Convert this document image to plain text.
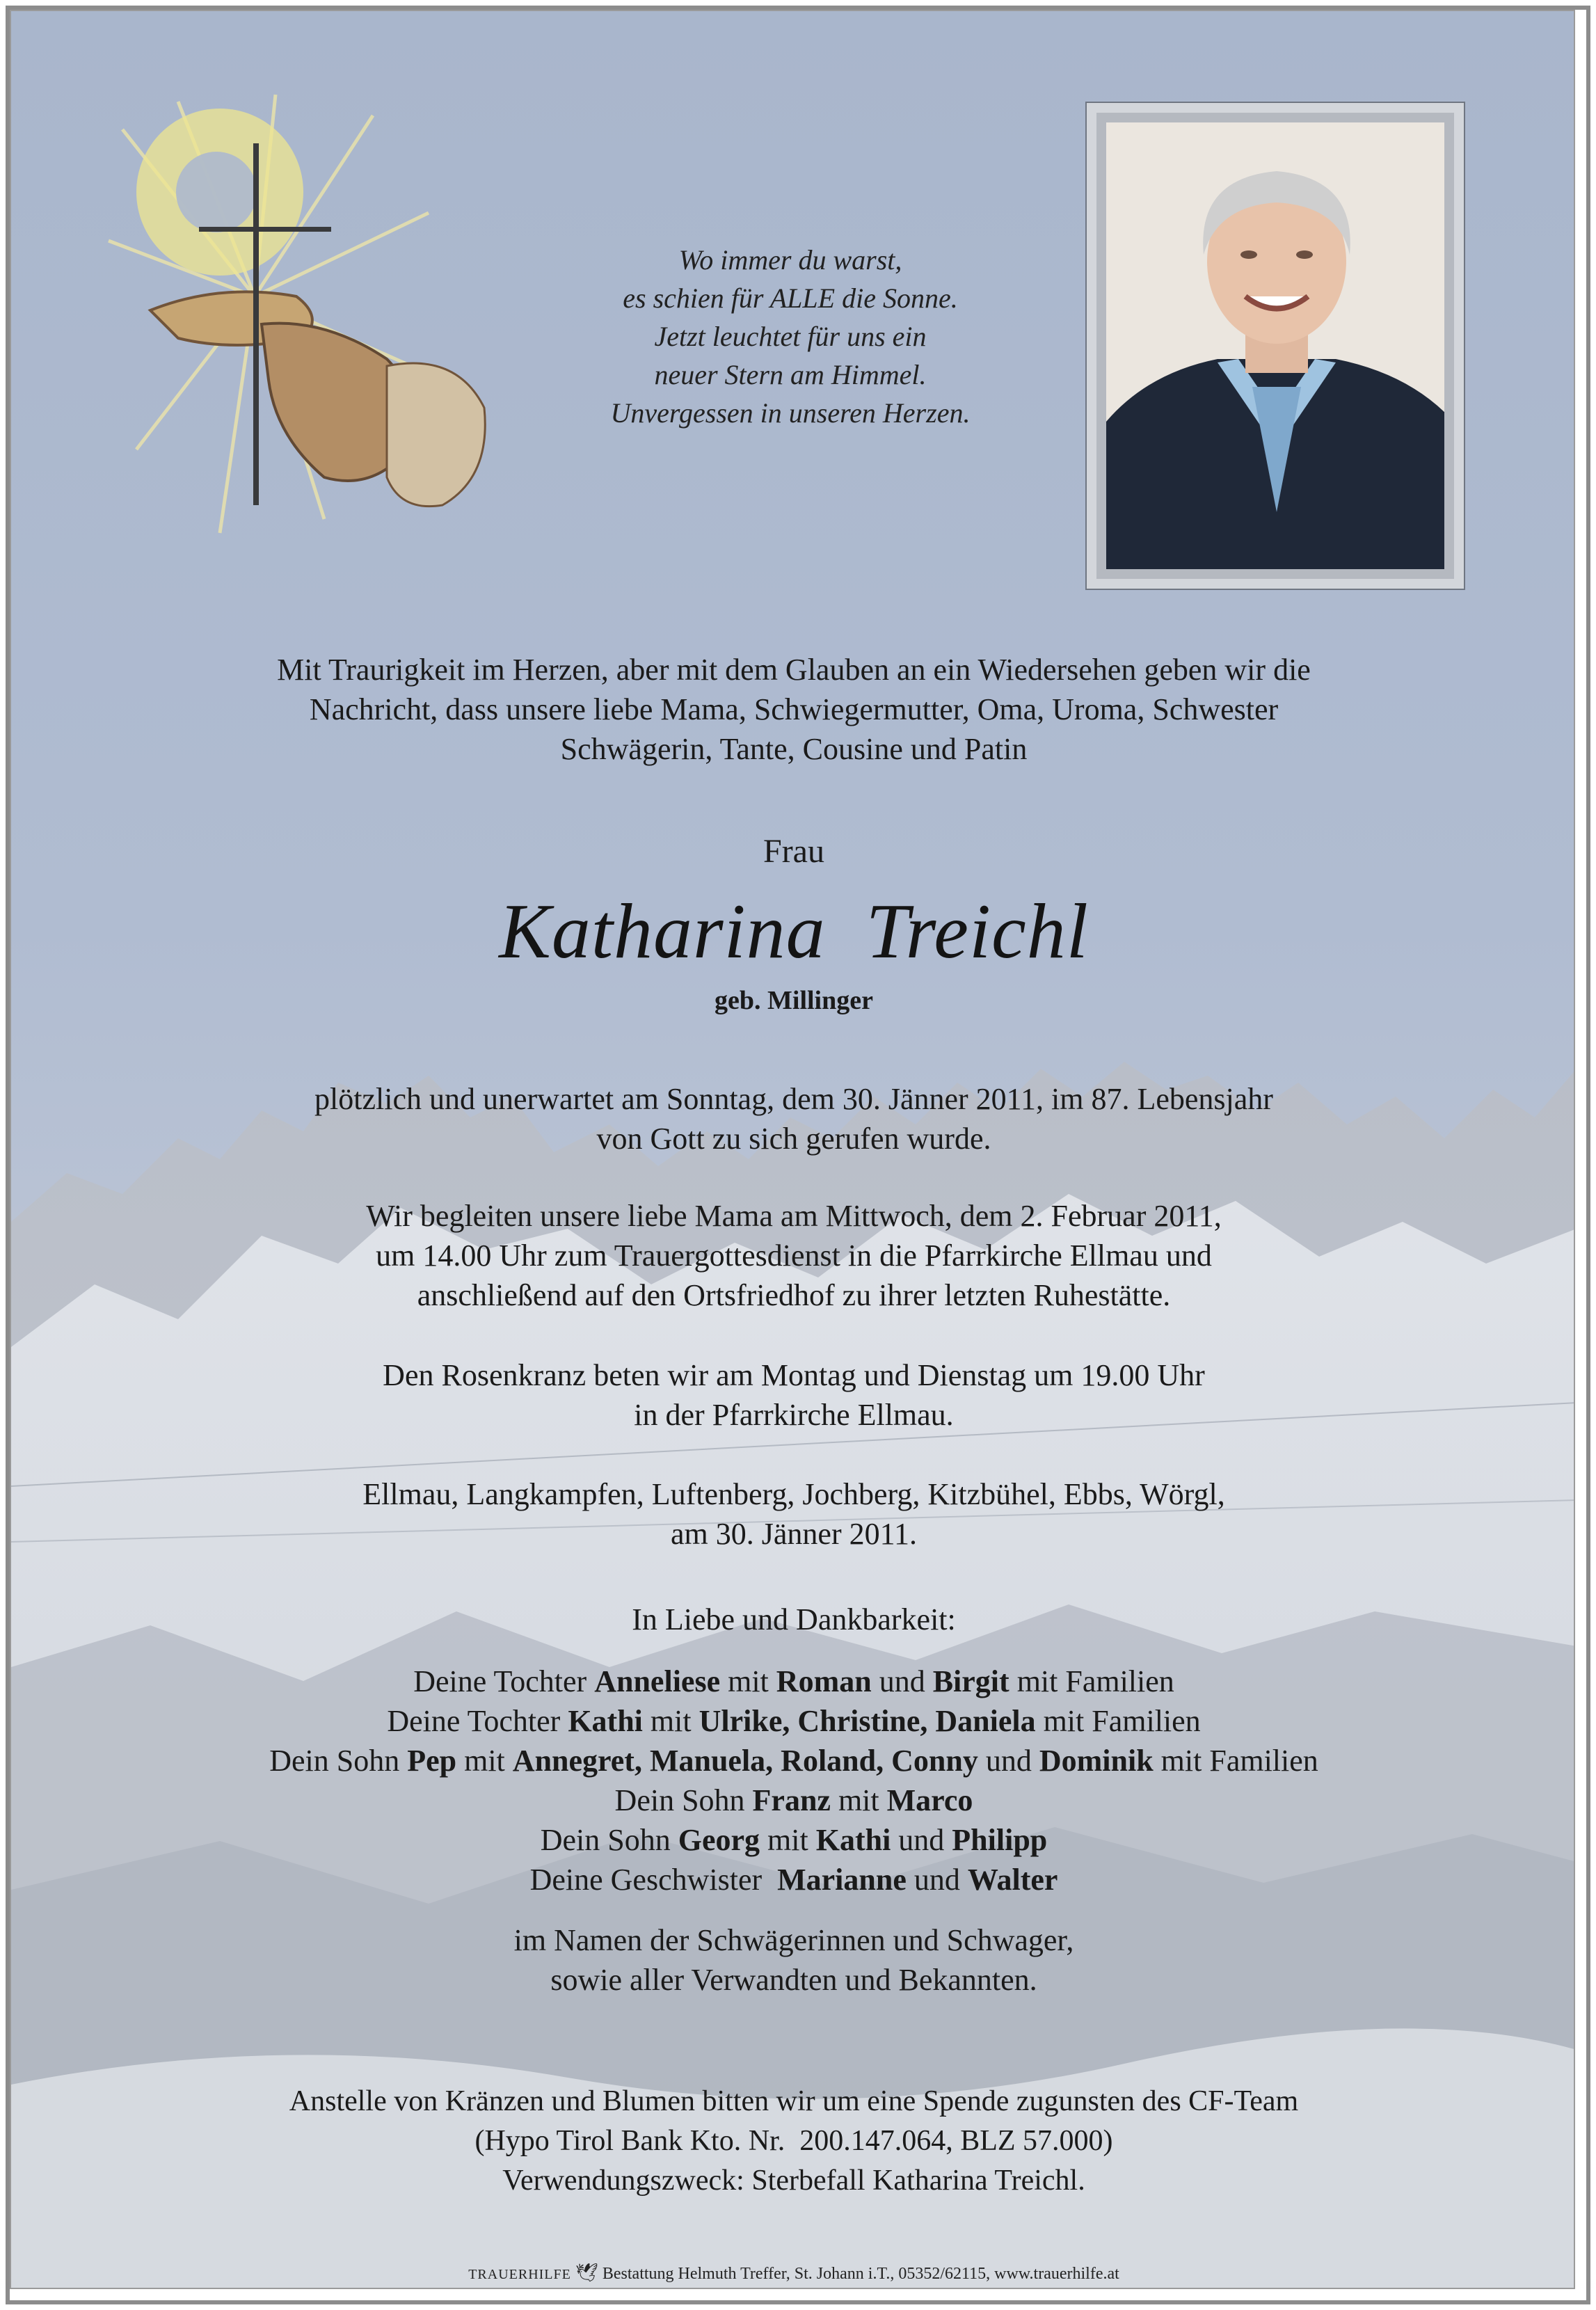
Wo immer du warst,
es schien für ALLE die Sonne.
Jetzt leuchtet für uns ein
neuer Stern am Himmel.
Unvergessen in unseren Herzen.
Mit Traurigkeit im Herzen, aber mit dem Glauben an ein Wiedersehen geben wir die
Nachricht, dass unsere liebe Mama, Schwiegermutter, Oma, Uroma, Schwester
Schwägerin, Tante, Cousine und Patin
Frau
Katharina  Treichl
geb. Millinger
plötzlich und unerwartet am Sonntag, dem 30. Jänner 2011, im 87. Lebensjahr
von Gott zu sich gerufen wurde.
Wir begleiten unsere liebe Mama am Mittwoch, dem 2. Februar 2011,
um 14.00 Uhr zum Trauergottesdienst in die Pfarrkirche Ellmau und
anschließend auf den Ortsfriedhof zu ihrer letzten Ruhestätte.
Den Rosenkranz beten wir am Montag und Dienstag um 19.00 Uhr
in der Pfarrkirche Ellmau.
Ellmau, Langkampfen, Luftenberg, Jochberg, Kitzbühel, Ebbs, Wörgl,
am 30. Jänner 2011.
In Liebe und Dankbarkeit:
Deine Tochter Anneliese mit Roman und Birgit mit Familien
Deine Tochter Kathi mit Ulrike, Christine, Daniela mit Familien
Dein Sohn Pep mit Annegret, Manuela, Roland, Conny und Dominik mit Familien
Dein Sohn Franz mit Marco
Dein Sohn Georg mit Kathi und Philipp
Deine Geschwister  Marianne und Walter
im Namen der Schwägerinnen und Schwager,
sowie aller Verwandten und Bekannten.
Anstelle von Kränzen und Blumen bitten wir um eine Spende zugunsten des CF-Team
(Hypo Tirol Bank Kto. Nr.  200.147.064, BLZ 57.000)
Verwendungszweck: Sterbefall Katharina Treichl.
TRAUERHILFE 🕊︎ Bestattung Helmuth Treffer, St. Johann i.T., 05352/62115, www.trauerhilfe.at
